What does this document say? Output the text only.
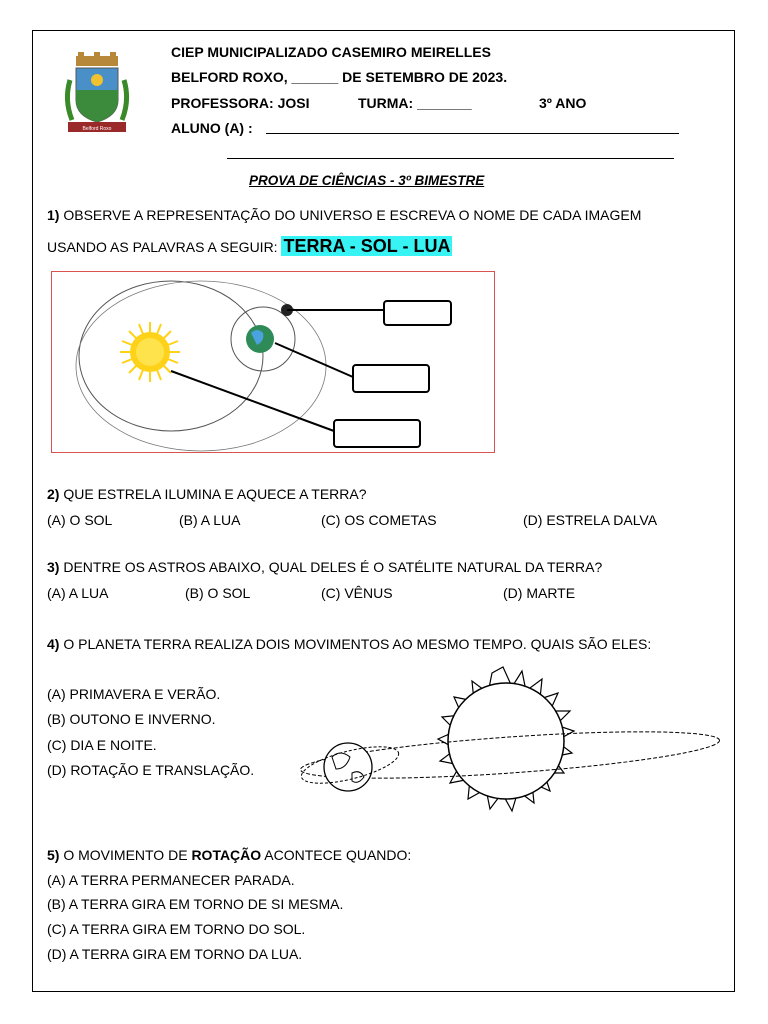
Belford Roxo
CIEP MUNICIPALIZADO CASEMIRO MEIRELLES
BELFORD ROXO, ______ DE SETEMBRO DE 2023.
PROFESSORA: JOSI	TURMA: _______	3º ANO
ALUNO (A) :
PROVA DE CIÊNCIAS - 3º BIMESTRE
1) OBSERVE A REPRESENTAÇÃO DO UNIVERSO E ESCREVA O NOME DE CADA IMAGEM
USANDO AS PALAVRAS A SEGUIR: TERRA - SOL - LUA
2) QUE ESTRELA ILUMINA E AQUECE A TERRA?
(A) O SOL	(B) A LUA	(C) OS COMETAS	(D) ESTRELA DALVA
3) DENTRE OS ASTROS ABAIXO, QUAL DELES É O SATÉLITE NATURAL DA TERRA?
(A) A LUA	(B) O SOL	(C) VÊNUS	(D) MARTE
4) O PLANETA TERRA REALIZA DOIS MOVIMENTOS AO MESMO TEMPO. QUAIS SÃO ELES:
(A) PRIMAVERA E VERÃO.
(B) OUTONO E INVERNO.
(C) DIA E NOITE.
(D) ROTAÇÃO E TRANSLAÇÃO.
5) O MOVIMENTO DE ROTAÇÃO ACONTECE QUANDO:
(A) A TERRA PERMANECER PARADA.
(B) A TERRA GIRA EM TORNO DE SI MESMA.
(C) A TERRA GIRA EM TORNO DO SOL.
(D) A TERRA GIRA EM TORNO DA LUA.
